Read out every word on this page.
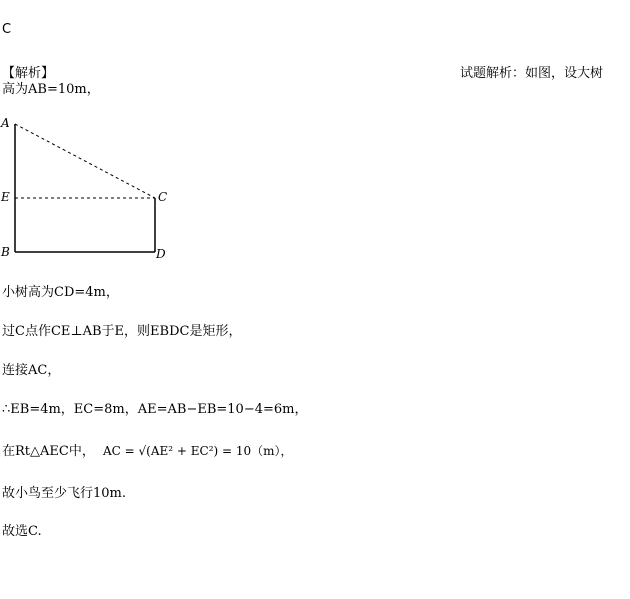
C
【解析】	试题解析：如图，设大树
高为AB=10m，
A
E
B
C
D
小树高为CD=4m，
过C点作CE⊥AB于E，则EBDC是矩形，
连接AC，
∴EB=4m，EC=8m，AE=AB−EB=10−4=6m，
在Rt△AEC中， AC = √(AE² + EC²) = 10（m），
故小鸟至少飞行10m.
故选C.
